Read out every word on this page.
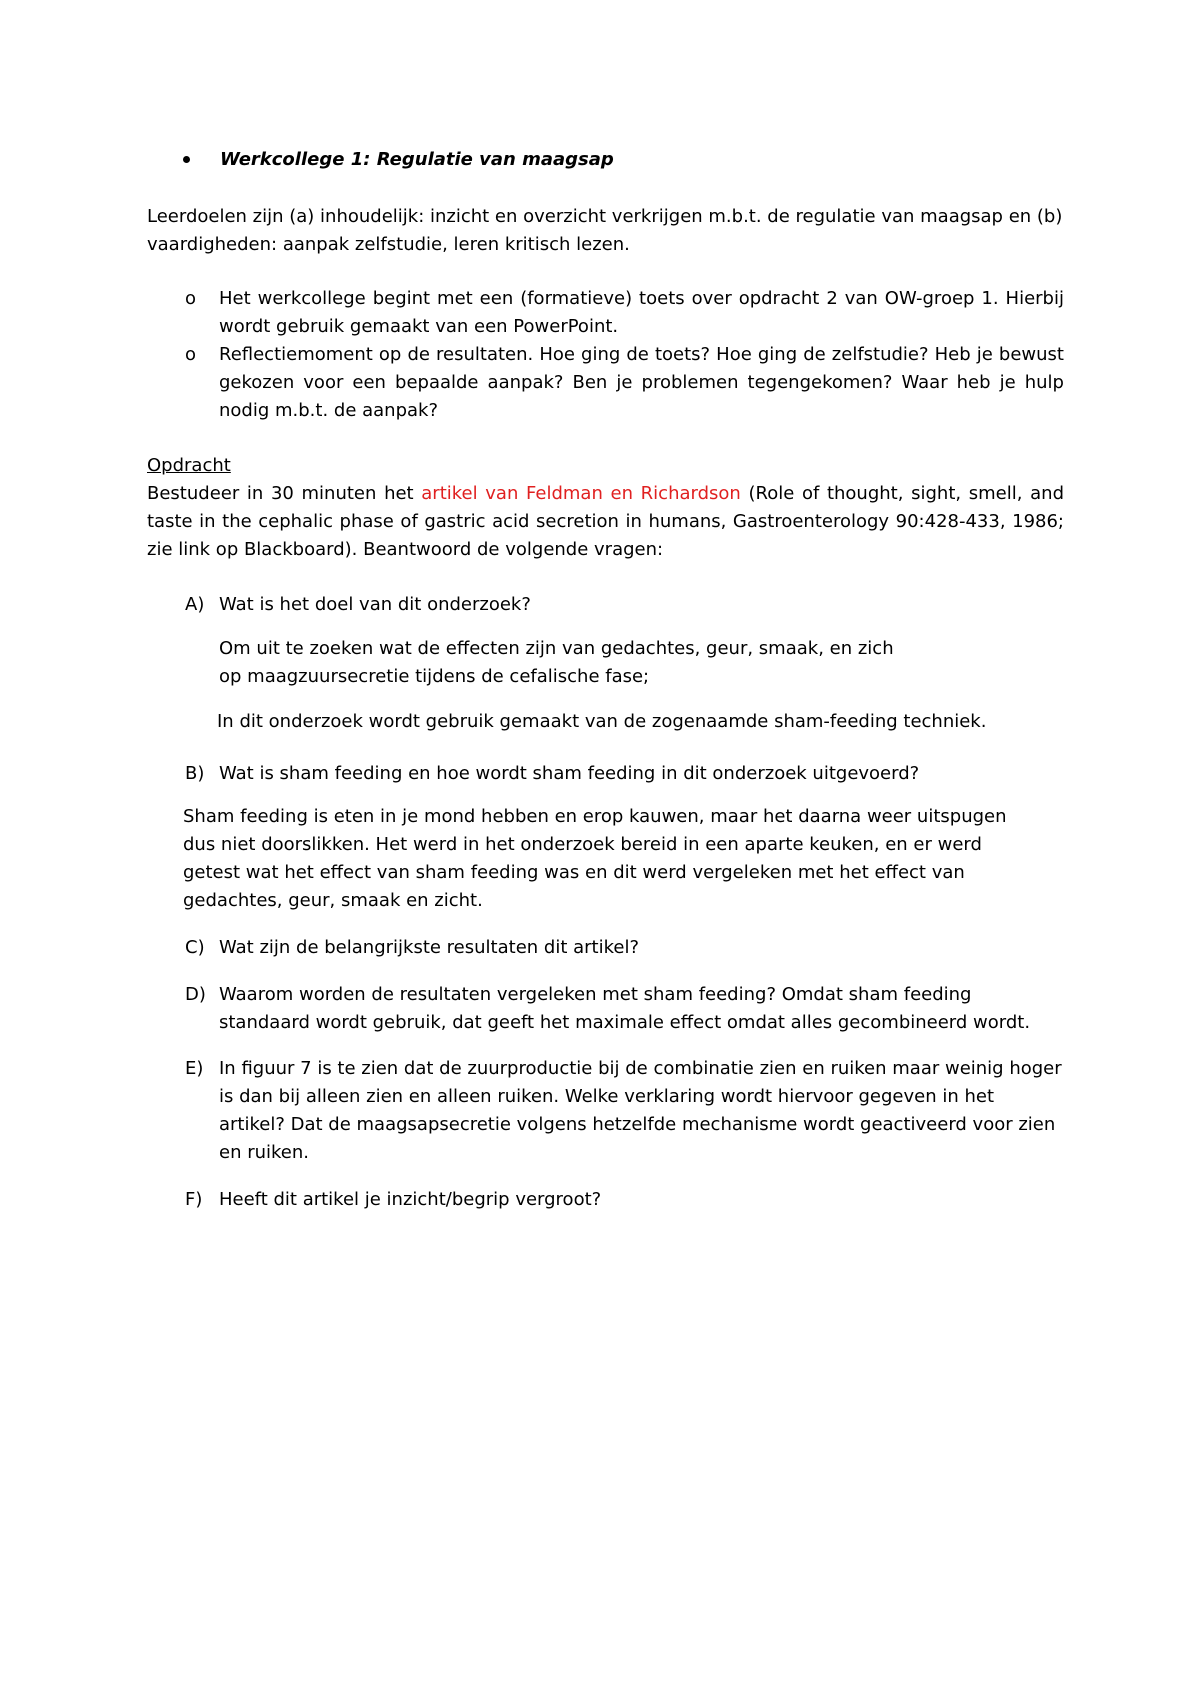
Werkcollege 1: Regulatie van maagsap
Leerdoelen zijn (a) inhoudelijk: inzicht en overzicht verkrijgen m.b.t. de regulatie van maagsap en (b) vaardigheden: aanpak zelfstudie, leren kritisch lezen.
o Het werkcollege begint met een (formatieve) toets over opdracht 2 van OW-groep 1. Hierbij wordt gebruik gemaakt van een PowerPoint.
o Reflectiemoment op de resultaten. Hoe ging de toets? Hoe ging de zelfstudie? Heb je bewust gekozen voor een bepaalde aanpak? Ben je problemen tegengekomen? Waar heb je hulp nodig m.b.t. de aanpak?
Opdracht
Bestudeer in 30 minuten het artikel van Feldman en Richardson (Role of thought, sight, smell, and taste in the cephalic phase of gastric acid secretion in humans, Gastroenterology 90:428-433, 1986; zie link op Blackboard). Beantwoord de volgende vragen:
A) Wat is het doel van dit onderzoek?
Om uit te zoeken wat de effecten zijn van gedachtes, geur, smaak, en zich op maagzuursecretie tijdens de cefalische fase;
In dit onderzoek wordt gebruik gemaakt van de zogenaamde sham-feeding techniek.
B) Wat is sham feeding en hoe wordt sham feeding in dit onderzoek uitgevoerd?
Sham feeding is eten in je mond hebben en erop kauwen, maar het daarna weer uitspugen dus niet doorslikken. Het werd in het onderzoek bereid in een aparte keuken, en er werd getest wat het effect van sham feeding was en dit werd vergeleken met het effect van gedachtes, geur, smaak en zicht.
C) Wat zijn de belangrijkste resultaten dit artikel?
D) Waarom worden de resultaten vergeleken met sham feeding? Omdat sham feeding standaard wordt gebruik, dat geeft het maximale effect omdat alles gecombineerd wordt.
E) In figuur 7 is te zien dat de zuurproductie bij de combinatie zien en ruiken maar weinig hoger is dan bij alleen zien en alleen ruiken. Welke verklaring wordt hiervoor gegeven in het artikel? Dat de maagsapsecretie volgens hetzelfde mechanisme wordt geactiveerd voor zien en ruiken.
F) Heeft dit artikel je inzicht/begrip vergroot?
